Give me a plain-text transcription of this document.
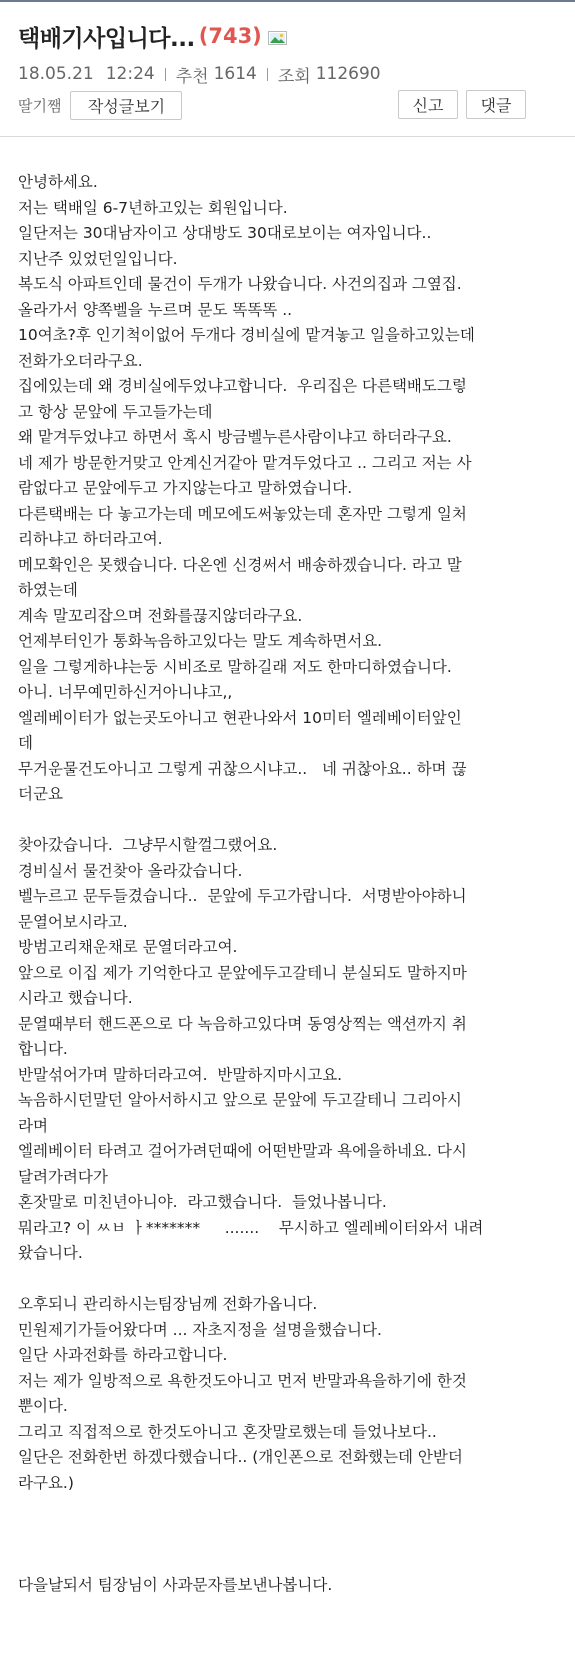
택배기사입니다... (743)
18.05.21 12:24 추천 1614 조회 112690
딸기쨈	작성글보기	신고	댓글
안녕하세요.
저는 택배일 6-7년하고있는 회원입니다.
일단저는 30대남자이고 상대방도 30대로보이는 여자입니다..
지난주 있었던일입니다.
복도식 아파트인데 물건이 두개가 나왔습니다. 사건의집과 그옆집.
올라가서 양쪽벨을 누르며 문도 똑똑똑 ..
10여초?후 인기척이없어 두개다 경비실에 맡겨놓고 일을하고있는데
전화가오더라구요.
집에있는데 왜 경비실에두었냐고합니다.  우리집은 다른택배도그렇
고 항상 문앞에 두고들가는데
왜 맡겨두었냐고 하면서 혹시 방금벨누른사람이냐고 하더라구요.
네 제가 방문한거맞고 안계신거같아 맡겨두었다고 .. 그리고 저는 사
람없다고 문앞에두고 가지않는다고 말하였습니다.
다른택배는 다 놓고가는데 메모에도써놓았는데 혼자만 그렇게 일처
리하냐고 하더라고여.
메모확인은 못했습니다. 다온엔 신경써서 배송하겠습니다. 라고 말
하였는데
계속 말꼬리잡으며 전화를끊지않더라구요.
언제부터인가 통화녹음하고있다는 말도 계속하면서요.
일을 그렇게하냐는둥 시비조로 말하길래 저도 한마디하였습니다.
아니. 너무예민하신거아니냐고,,
엘레베이터가 없는곳도아니고 현관나와서 10미터 엘레베이터앞인
데
무거운물건도아니고 그렇게 귀찮으시냐고..   네 귀찮아요.. 하며 끊
더군요
찾아갔습니다.  그냥무시할껄그랬어요.
경비실서 물건찾아 올라갔습니다.
벨누르고 문두들겼습니다..  문앞에 두고가랍니다.  서명받아야하니
문열어보시라고.
방범고리채운채로 문열더라고여.
앞으로 이집 제가 기억한다고 문앞에두고갈테니 분실되도 말하지마
시라고 했습니다.
문열때부터 핸드폰으로 다 녹음하고있다며 동영상찍는 액션까지 취
합니다.
반말섞어가며 말하더라고여.  반말하지마시고요.
녹음하시던말던 알아서하시고 앞으로 문앞에 두고갈테니 그리아시
라며
엘레베이터 타려고 걸어가려던때에 어떤반말과 욕에을하네요. 다시
달려가려다가
혼잣말로 미친년아니야.  라고했습니다.  들었나봅니다.
뭐라고? 이 ㅆㅂ ㅏ*******     .......    무시하고 엘레베이터와서 내려
왔습니다.
오후되니 관리하시는팀장님께 전화가옵니다.
민원제기가들어왔다며 ... 자초지정을 설명을했습니다.
일단 사과전화를 하라고합니다.
저는 제가 일방적으로 욕한것도아니고 먼저 반말과욕을하기에 한것
뿐이다.
그리고 직접적으로 한것도아니고 혼잣말로했는데 들었나보다..
일단은 전화한번 하겠다했습니다.. (개인폰으로 전화했는데 안받더
라구요.)
다을날되서 팀장님이 사과문자를보낸나봅니다.
